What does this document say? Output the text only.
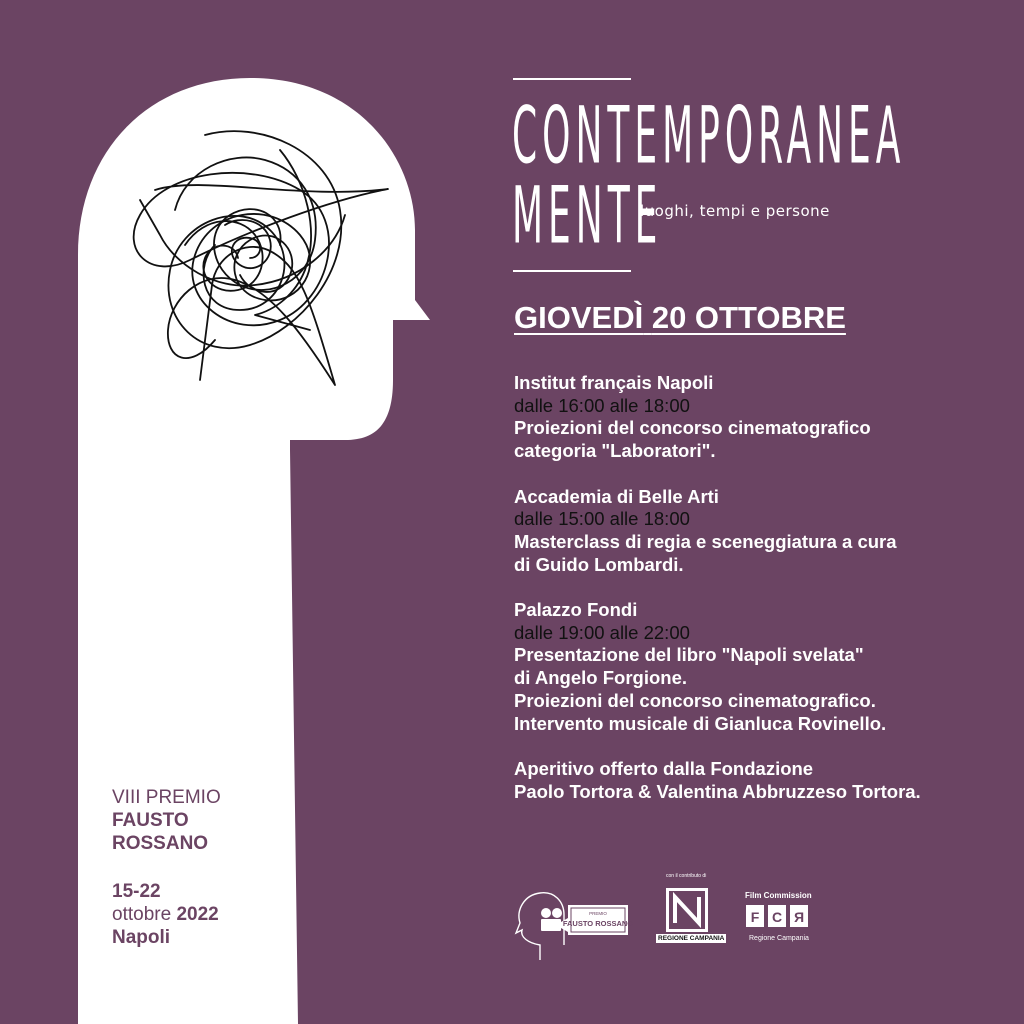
CONTEMPORANEA
MENTE
luoghi, tempi e persone
GIOVEDÌ 20 OTTOBRE
Institut français Napoli
dalle 16:00 alle 18:00
Proiezioni del concorso cinematografico
categoria "Laboratori".
Accademia di Belle Arti
dalle 15:00 alle 18:00
Masterclass di regia e sceneggiatura a cura
di Guido Lombardi.
Palazzo Fondi
dalle 19:00 alle 22:00
Presentazione del libro "Napoli svelata"
di Angelo Forgione.
Proiezioni del concorso cinematografico.
Intervento musicale di Gianluca Rovinello.
Aperitivo offerto dalla Fondazione
Paolo Tortora & Valentina Abbruzzeso Tortora.
VIII PREMIO
FAUSTO
ROSSANO
15-22
ottobre 2022
Napoli
PREMIO
FAUSTO ROSSANO
con il contributo di
REGIONE CAMPANIA
Film Commission
F C R
Regione Campania
